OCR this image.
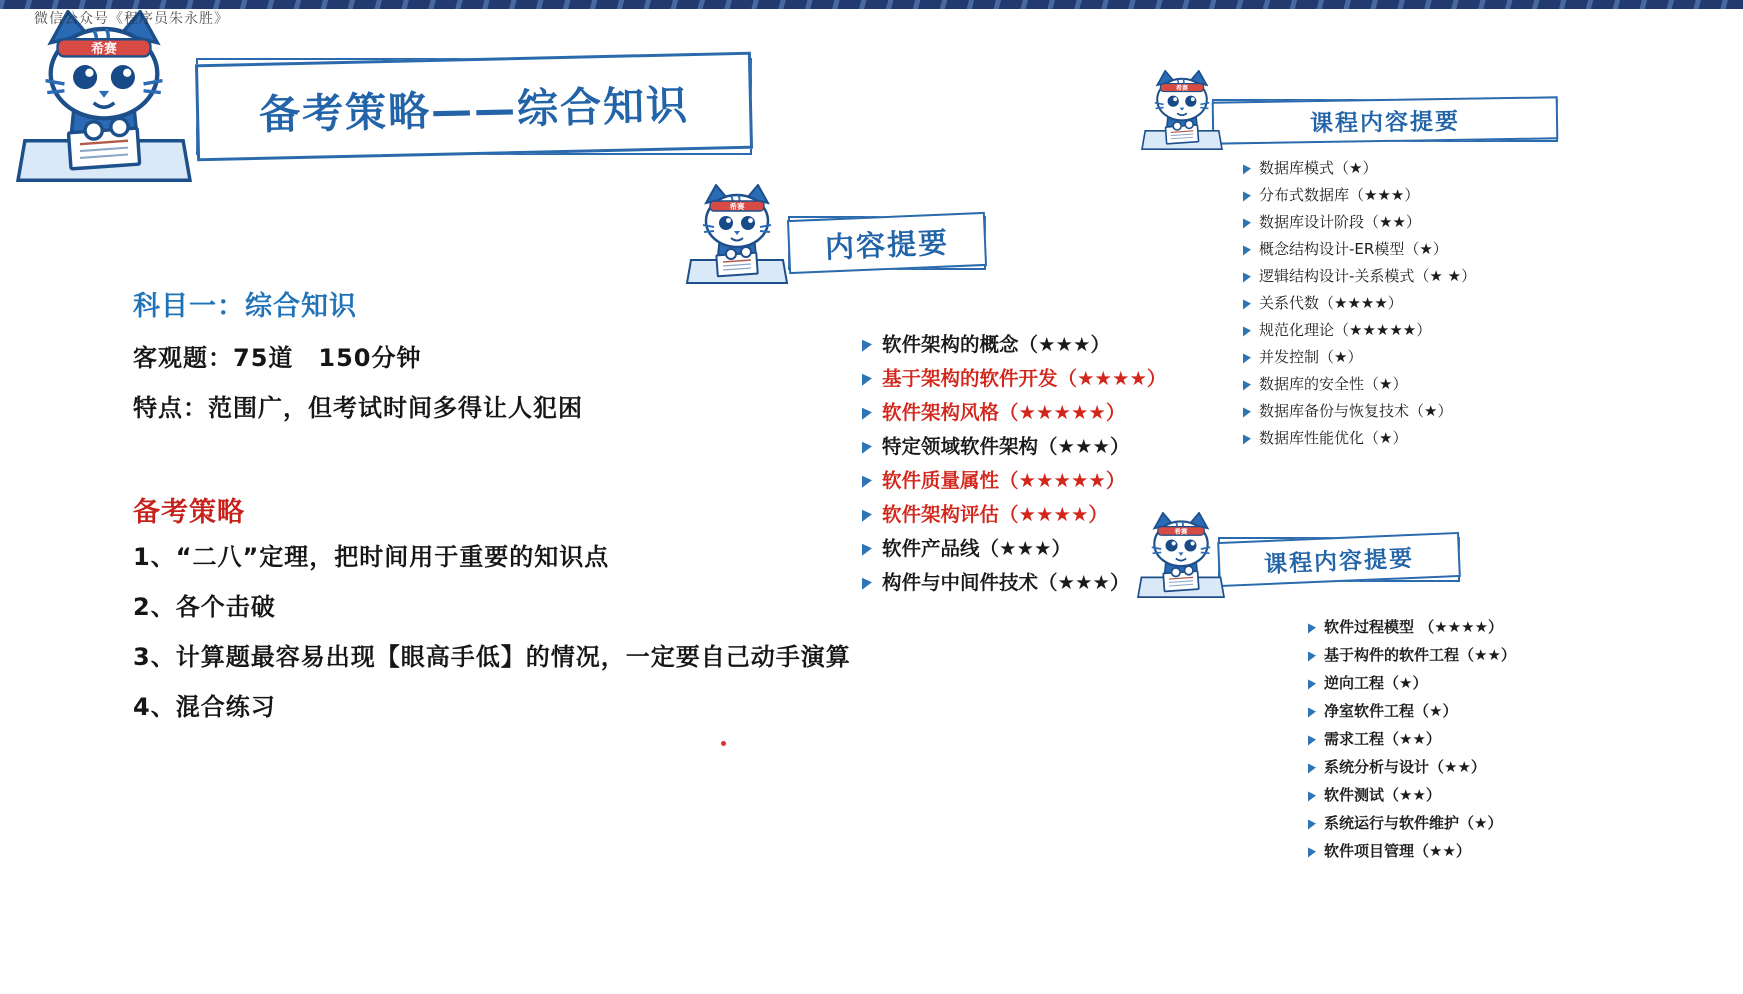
微信公众号《程序员朱永胜》
备考策略——综合知识
科目一：综合知识
客观题：75道　150分钟
特点：范围广，但考试时间多得让人犯困
备考策略
1、“二八”定理，把时间用于重要的知识点
2、各个击破
3、计算题最容易出现【眼高手低】的情况，一定要自己动手演算
4、混合练习
内容提要
软件架构的概念（★★★）
基于架构的软件开发（★★★★）
软件架构风格（★★★★★）
特定领域软件架构（★★★）
软件质量属性（★★★★★）
软件架构评估（★★★★）
软件产品线（★★★）
构件与中间件技术（★★★）
课程内容提要
数据库模式（★）
分布式数据库（★★★）
数据库设计阶段（★★）
概念结构设计-ER模型（★）
逻辑结构设计-关系模式（★ ★）
关系代数（★★★★）
规范化理论（★★★★★）
并发控制（★）
数据库的安全性（★）
数据库备份与恢复技术（★）
数据库性能优化（★）
课程内容提要
软件过程模型 （★★★★）
基于构件的软件工程（★★）
逆向工程（★）
净室软件工程（★）
需求工程（★★）
系统分析与设计（★★）
软件测试（★★）
系统运行与软件维护（★）
软件项目管理（★★）
